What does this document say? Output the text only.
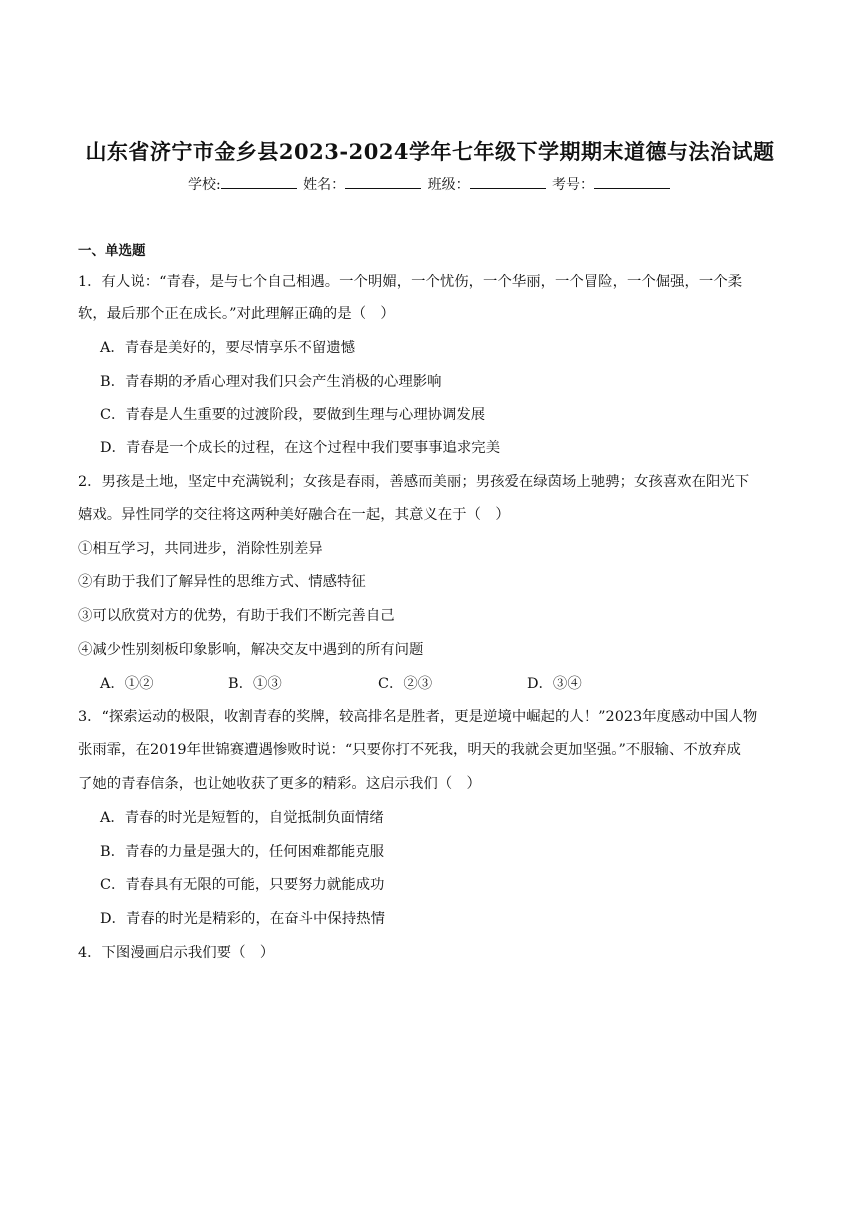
山东省济宁市金乡县2023-2024学年七年级下学期期末道德与法治试题
学校:	姓名：	班级：	考号：
一、单选题
1．有人说：“青春，是与七个自己相遇。一个明媚，一个忧伤，一个华丽，一个冒险，一个倔强，一个柔
软，最后那个正在成长。”对此理解正确的是（　）
A．青春是美好的，要尽情享乐不留遗憾
B．青春期的矛盾心理对我们只会产生消极的心理影响
C．青春是人生重要的过渡阶段，要做到生理与心理协调发展
D．青春是一个成长的过程，在这个过程中我们要事事追求完美
2．男孩是土地，坚定中充满锐利；女孩是春雨，善感而美丽；男孩爱在绿茵场上驰骋；女孩喜欢在阳光下
嬉戏。异性同学的交往将这两种美好融合在一起，其意义在于（　）
①相互学习，共同进步，消除性别差异
②有助于我们了解异性的思维方式、情感特征
③可以欣赏对方的优势，有助于我们不断完善自己
④减少性别刻板印象影响，解决交友中遇到的所有问题
A．①②	B．①③	C．②③	D．③④
3．“探索运动的极限，收割青春的奖牌，较高排名是胜者，更是逆境中崛起的人！”2023年度感动中国人物
张雨霏，在2019年世锦赛遭遇惨败时说：“只要你打不死我，明天的我就会更加坚强。”不服输、不放弃成
了她的青春信条，也让她收获了更多的精彩。这启示我们（　）
A．青春的时光是短暂的，自觉抵制负面情绪
B．青春的力量是强大的，任何困难都能克服
C．青春具有无限的可能，只要努力就能成功
D．青春的时光是精彩的，在奋斗中保持热情
4．下图漫画启示我们要（　）
